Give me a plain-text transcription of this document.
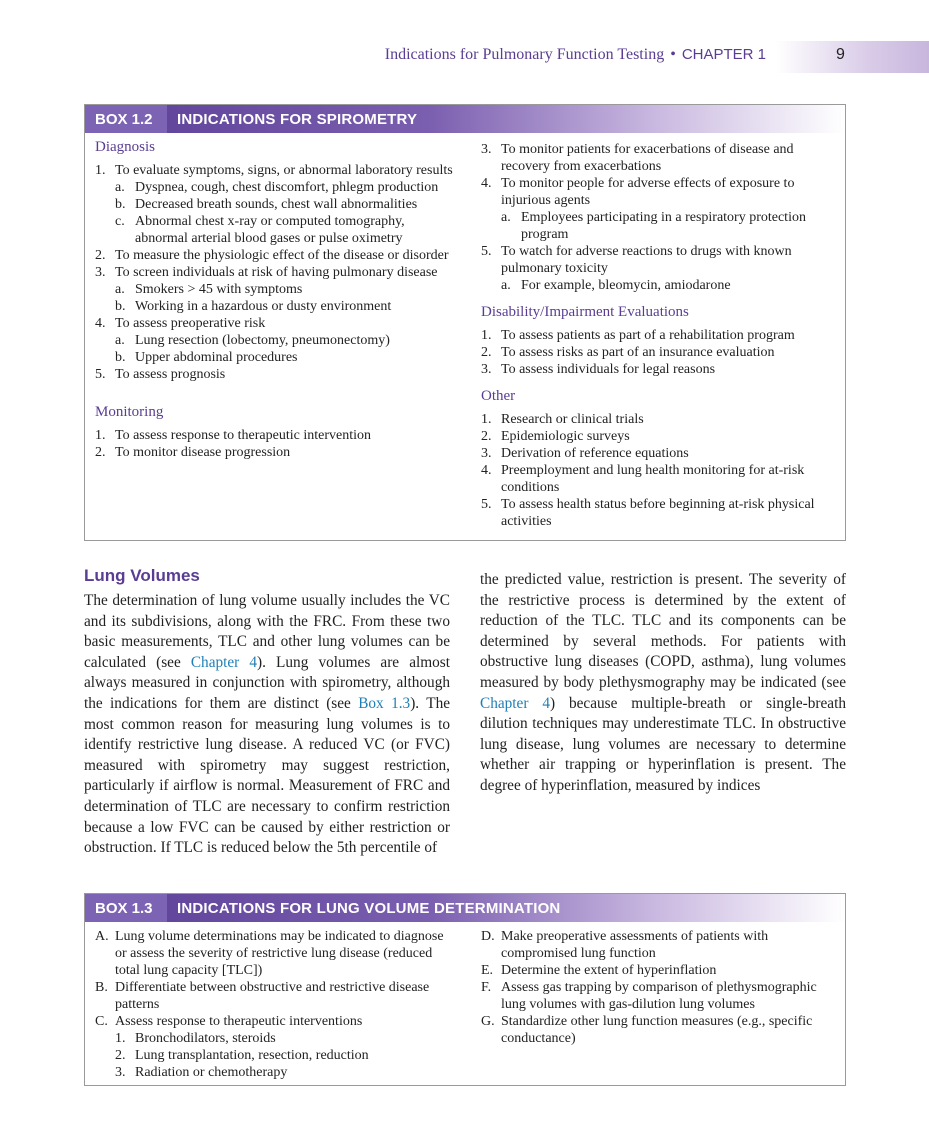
Indications for Pulmonary Function Testing • CHAPTER 1	9
BOX 1.2	INDICATIONS FOR SPIROMETRY
Diagnosis
1. To evaluate symptoms, signs, or abnormal laboratory results
a. Dyspnea, cough, chest discomfort, phlegm production
b. Decreased breath sounds, chest wall abnormalities
c. Abnormal chest x-ray or computed tomography, abnormal arterial blood gases or pulse oximetry
2. To measure the physiologic effect of the disease or disorder
3. To screen individuals at risk of having pulmonary disease
a. Smokers > 45 with symptoms
b. Working in a hazardous or dusty environment
4. To assess preoperative risk
a. Lung resection (lobectomy, pneumonectomy)
b. Upper abdominal procedures
5. To assess prognosis
Monitoring
1. To assess response to therapeutic intervention
2. To monitor disease progression
3. To monitor patients for exacerbations of disease and recovery from exacerbations
4. To monitor people for adverse effects of exposure to injurious agents
a. Employees participating in a respiratory protection program
5. To watch for adverse reactions to drugs with known pulmonary toxicity
a. For example, bleomycin, amiodarone
Disability/Impairment Evaluations
1. To assess patients as part of a rehabilitation program
2. To assess risks as part of an insurance evaluation
3. To assess individuals for legal reasons
Other
1. Research or clinical trials
2. Epidemiologic surveys
3. Derivation of reference equations
4. Preemployment and lung health monitoring for at-risk conditions
5. To assess health status before beginning at-risk physical activities
Lung Volumes
The determination of lung volume usually includes the VC and its subdivisions, along with the FRC. From these two basic measurements, TLC and other lung volumes can be calculated (see Chapter 4). Lung volumes are almost always measured in conjunction with spirometry, although the indications for them are distinct (see Box 1.3). The most common reason for measuring lung volumes is to identify restrictive lung disease. A reduced VC (or FVC) measured with spirometry may suggest restriction, particularly if airflow is normal. Measurement of FRC and determination of TLC are necessary to confirm restriction because a low FVC can be caused by either restriction or obstruction. If TLC is reduced below the 5th percentile of
the predicted value, restriction is present. The severity of the restrictive process is determined by the extent of reduction of the TLC. TLC and its components can be determined by several methods. For patients with obstructive lung diseases (COPD, asthma), lung volumes measured by body plethysmography may be indicated (see Chapter 4) because multiple-breath or single-breath dilution techniques may underestimate TLC. In obstructive lung disease, lung volumes are necessary to determine whether air trapping or hyperinflation is present. The degree of hyperinflation, measured by indices
BOX 1.3	INDICATIONS FOR LUNG VOLUME DETERMINATION
A. Lung volume determinations may be indicated to diagnose or assess the severity of restrictive lung disease (reduced total lung capacity [TLC])
B. Differentiate between obstructive and restrictive disease patterns
C. Assess response to therapeutic interventions
1. Bronchodilators, steroids
2. Lung transplantation, resection, reduction
3. Radiation or chemotherapy
D. Make preoperative assessments of patients with compromised lung function
E. Determine the extent of hyperinflation
F. Assess gas trapping by comparison of plethysmographic lung volumes with gas-dilution lung volumes
G. Standardize other lung function measures (e.g., specific conductance)
